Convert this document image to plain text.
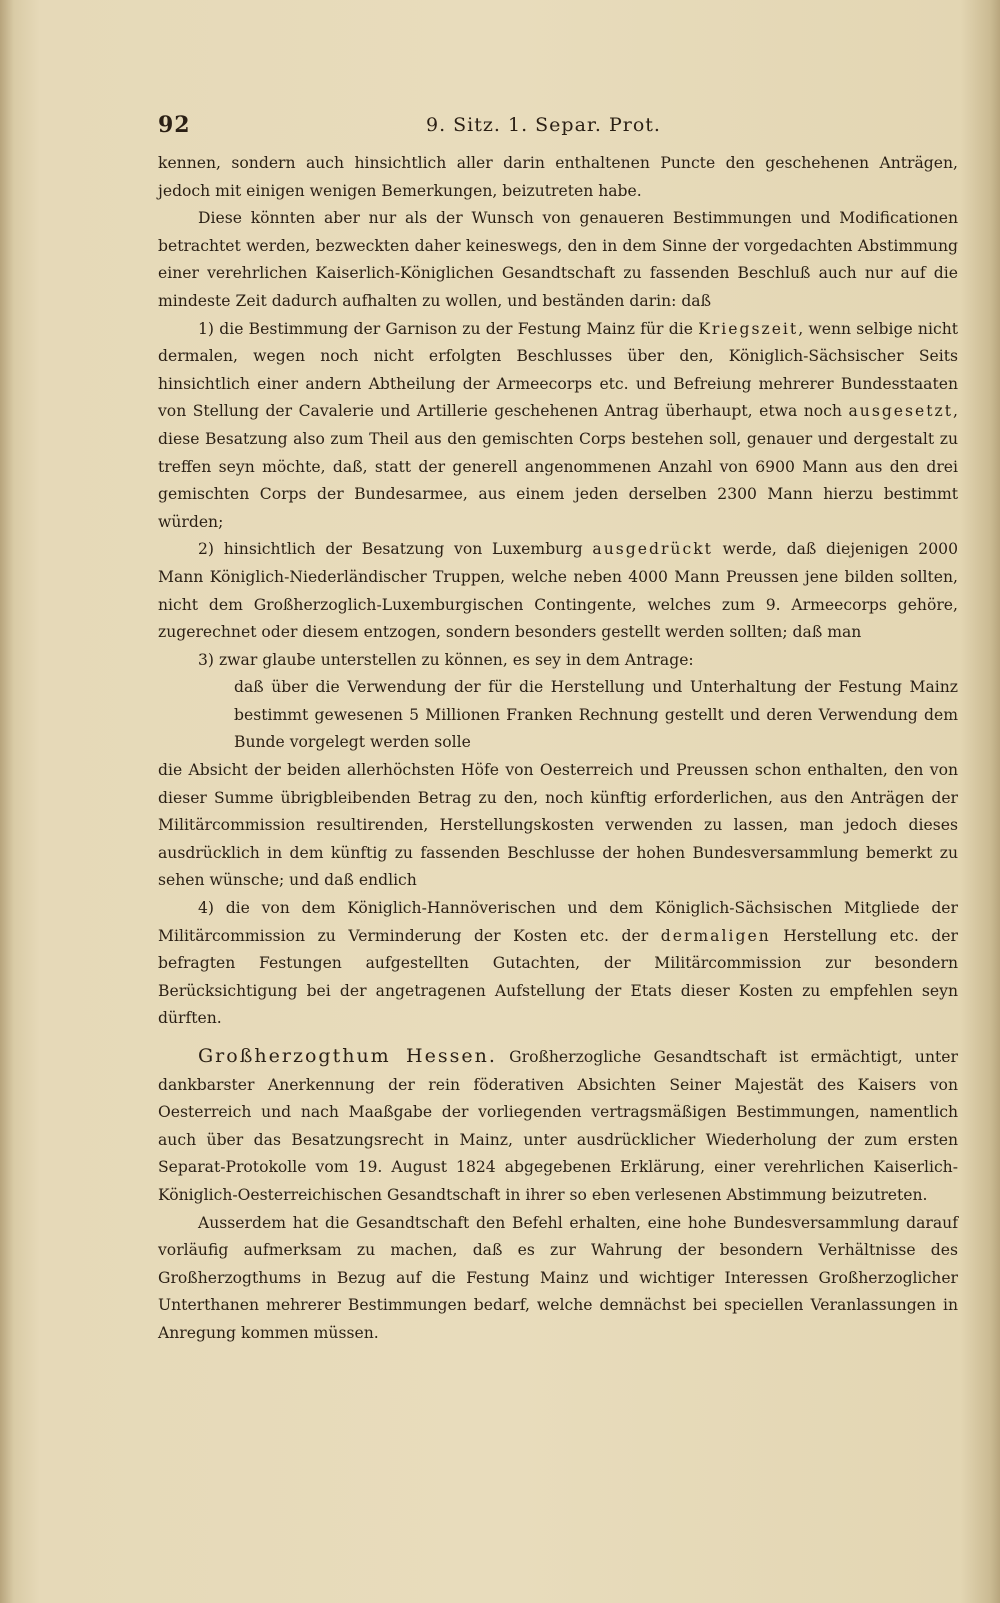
92	9. Sitz. 1. Separ. Prot.

kennen, sondern auch hinsichtlich aller darin enthaltenen Puncte den geschehenen Anträgen, jedoch mit einigen wenigen Bemerkungen, beizutreten habe.

Diese könnten aber nur als der Wunsch von genaueren Bestimmungen und Modificationen betrachtet werden, bezweckten daher keineswegs, den in dem Sinne der vorgedachten Abstimmung einer verehrlichen Kaiserlich-Königlichen Gesandtschaft zu fassenden Beschluß auch nur auf die mindeste Zeit dadurch aufhalten zu wollen, und beständen darin: daß

1) die Bestimmung der Garnison zu der Festung Mainz für die Kriegszeit, wenn selbige nicht dermalen, wegen noch nicht erfolgten Beschlusses über den, Königlich-Sächsischer Seits hinsichtlich einer andern Abtheilung der Armeecorps etc. und Befreiung mehrerer Bundesstaaten von Stellung der Cavalerie und Artillerie geschehenen Antrag überhaupt, etwa noch ausgesetzt, diese Besatzung also zum Theil aus den gemischten Corps bestehen soll, genauer und dergestalt zu treffen seyn möchte, daß, statt der generell angenommenen Anzahl von 6900 Mann aus den drei gemischten Corps der Bundesarmee, aus einem jeden derselben 2300 Mann hierzu bestimmt würden;

2) hinsichtlich der Besatzung von Luxemburg ausgedrückt werde, daß diejenigen 2000 Mann Königlich-Niederländischer Truppen, welche neben 4000 Mann Preussen jene bilden sollten, nicht dem Großherzoglich-Luxemburgischen Contingente, welches zum 9. Armeecorps gehöre, zugerechnet oder diesem entzogen, sondern besonders gestellt werden sollten; daß man

3) zwar glaube unterstellen zu können, es sey in dem Antrage:

daß über die Verwendung der für die Herstellung und Unterhaltung der Festung Mainz bestimmt gewesenen 5 Millionen Franken Rechnung gestellt und deren Verwendung dem Bunde vorgelegt werden solle

die Absicht der beiden allerhöchsten Höfe von Oesterreich und Preussen schon enthalten, den von dieser Summe übrigbleibenden Betrag zu den, noch künftig erforderlichen, aus den Anträgen der Militärcommission resultirenden, Herstellungskosten verwenden zu lassen, man jedoch dieses ausdrücklich in dem künftig zu fassenden Beschlusse der hohen Bundesversammlung bemerkt zu sehen wünsche; und daß endlich

4) die von dem Königlich-Hannöverischen und dem Königlich-Sächsischen Mitgliede der Militärcommission zu Verminderung der Kosten etc. der dermaligen Herstellung etc. der befragten Festungen aufgestellten Gutachten, der Militärcommission zur besondern Berücksichtigung bei der angetragenen Aufstellung der Etats dieser Kosten zu empfehlen seyn dürften.

Großherzogthum Hessen. Großherzogliche Gesandtschaft ist ermächtigt, unter dankbarster Anerkennung der rein föderativen Absichten Seiner Majestät des Kaisers von Oesterreich und nach Maaßgabe der vorliegenden vertragsmäßigen Bestimmungen, namentlich auch über das Besatzungsrecht in Mainz, unter ausdrücklicher Wiederholung der zum ersten Separat-Protokolle vom 19. August 1824 abgegebenen Erklärung, einer verehrlichen Kaiserlich-Königlich-Oesterreichischen Gesandtschaft in ihrer so eben verlesenen Abstimmung beizutreten.

Ausserdem hat die Gesandtschaft den Befehl erhalten, eine hohe Bundesversammlung darauf vorläufig aufmerksam zu machen, daß es zur Wahrung der besondern Verhältnisse des Großherzogthums in Bezug auf die Festung Mainz und wichtiger Interessen Großherzoglicher Unterthanen mehrerer Bestimmungen bedarf, welche demnächst bei speciellen Veranlassungen in Anregung kommen müssen.
